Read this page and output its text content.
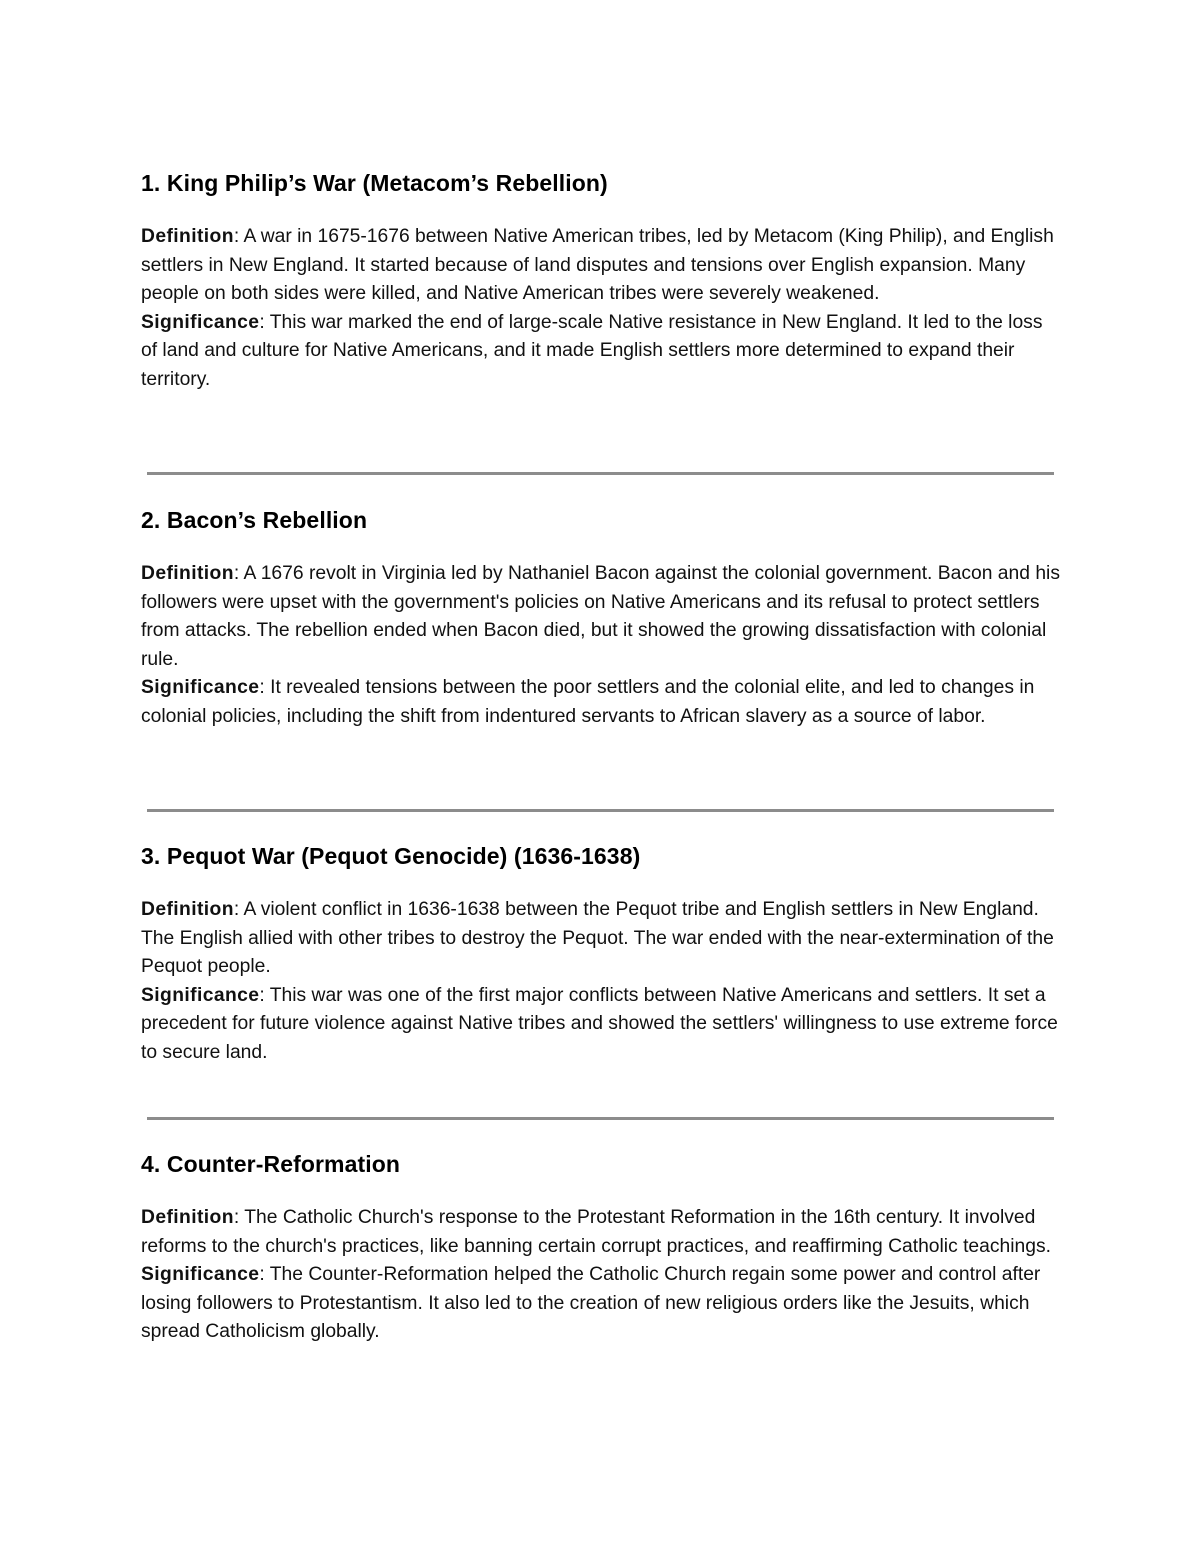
1. King Philip’s War (Metacom’s Rebellion)

Definition: A war in 1675-1676 between Native American tribes, led by Metacom (King Philip), and English settlers in New England. It started because of land disputes and tensions over English expansion. Many people on both sides were killed, and Native American tribes were severely weakened.

Significance: This war marked the end of large-scale Native resistance in New England. It led to the loss of land and culture for Native Americans, and it made English settlers more determined to expand their territory.

2. Bacon’s Rebellion

Definition: A 1676 revolt in Virginia led by Nathaniel Bacon against the colonial government. Bacon and his followers were upset with the government's policies on Native Americans and its refusal to protect settlers from attacks. The rebellion ended when Bacon died, but it showed the growing dissatisfaction with colonial rule.

Significance: It revealed tensions between the poor settlers and the colonial elite, and led to changes in colonial policies, including the shift from indentured servants to African slavery as a source of labor.

3. Pequot War (Pequot Genocide) (1636-1638)

Definition: A violent conflict in 1636-1638 between the Pequot tribe and English settlers in New England. The English allied with other tribes to destroy the Pequot. The war ended with the near-extermination of the Pequot people.

Significance: This war was one of the first major conflicts between Native Americans and settlers. It set a precedent for future violence against Native tribes and showed the settlers' willingness to use extreme force to secure land.

4. Counter-Reformation

Definition: The Catholic Church's response to the Protestant Reformation in the 16th century. It involved reforms to the church's practices, like banning certain corrupt practices, and reaffirming Catholic teachings.

Significance: The Counter-Reformation helped the Catholic Church regain some power and control after losing followers to Protestantism. It also led to the creation of new religious orders like the Jesuits, which spread Catholicism globally.
